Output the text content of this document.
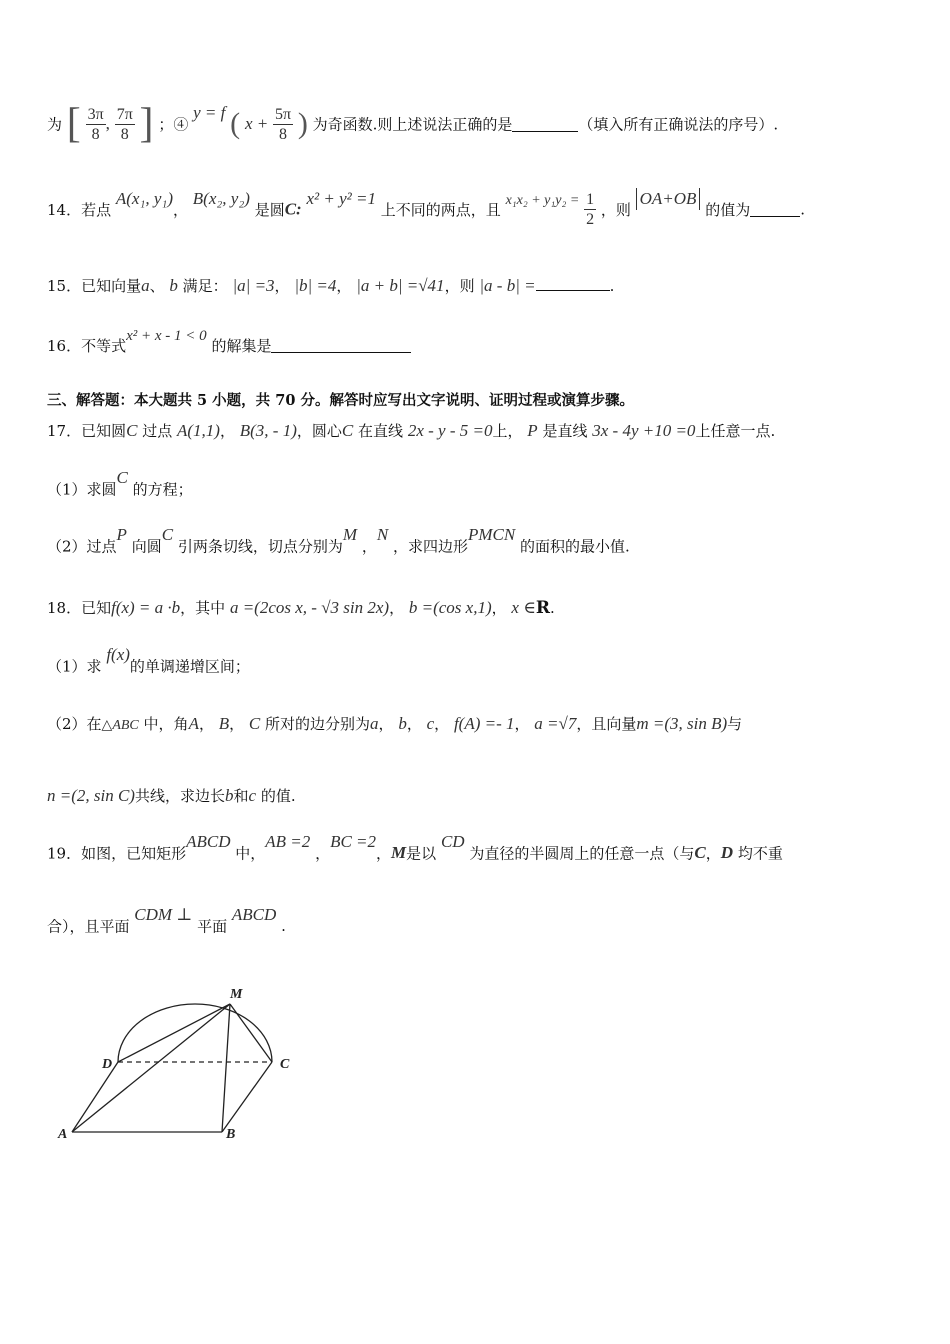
为 [ $\frac{3\pi}{8}$ , $\frac{7\pi}{8}$ ] ；④ y = f ( $x + \frac{5\pi}{8}$ ) 为奇函数.则上述说法正确的是	（填入所有正确说法的序号）.
14．若点 A(x₁, y₁)， B(x₂, y₂) 是圆C: x² + y² =1 上不同的两点，且 $x_1x_2 + y_1y_2 = \frac{1}{2}$ ，则 OA+OB 的值为	.
15．已知向量a、 b 满足： |a| =3， |b| =4， |a + b| =√41，则 |a - b| =	.
16．不等式x² + x - 1 < 0 的解集是
三、解答题：本大题共 5 小题，共 70 分。解答时应写出文字说明、证明过程或演算步骤。
17．已知圆C 过点 A(1,1)， B(3, - 1)，圆心C 在直线 2x - y - 5 =0上， P 是直线 3x - 4y +10 =0上任意一点.
（1）求圆C 的方程；
（2）过点P 向圆C 引两条切线，切点分别为M ，N ，求四边形PMCN 的面积的最小值.
18．已知f(x) = a ·b，其中 a =(2cos x, - √3 sin 2x)， b =(cos x,1)， x ∈R.
（1）求 f(x)的单调递增区间；
（2）在△ABC 中，角A， B， C 所对的边分别为a， b， c， f(A) =- 1， a =√7，且向量m =(3, sin B)与
n =(2, sin C)共线，求边长b和c 的值.
19．如图，已知矩形ABCD 中，AB =2 ，BC =2，M是以 CD 为直径的半圆周上的任意一点（与C，D 均不重
合），且平面 CDM ⊥ 平面 ABCD .
M
D	C
A	B
